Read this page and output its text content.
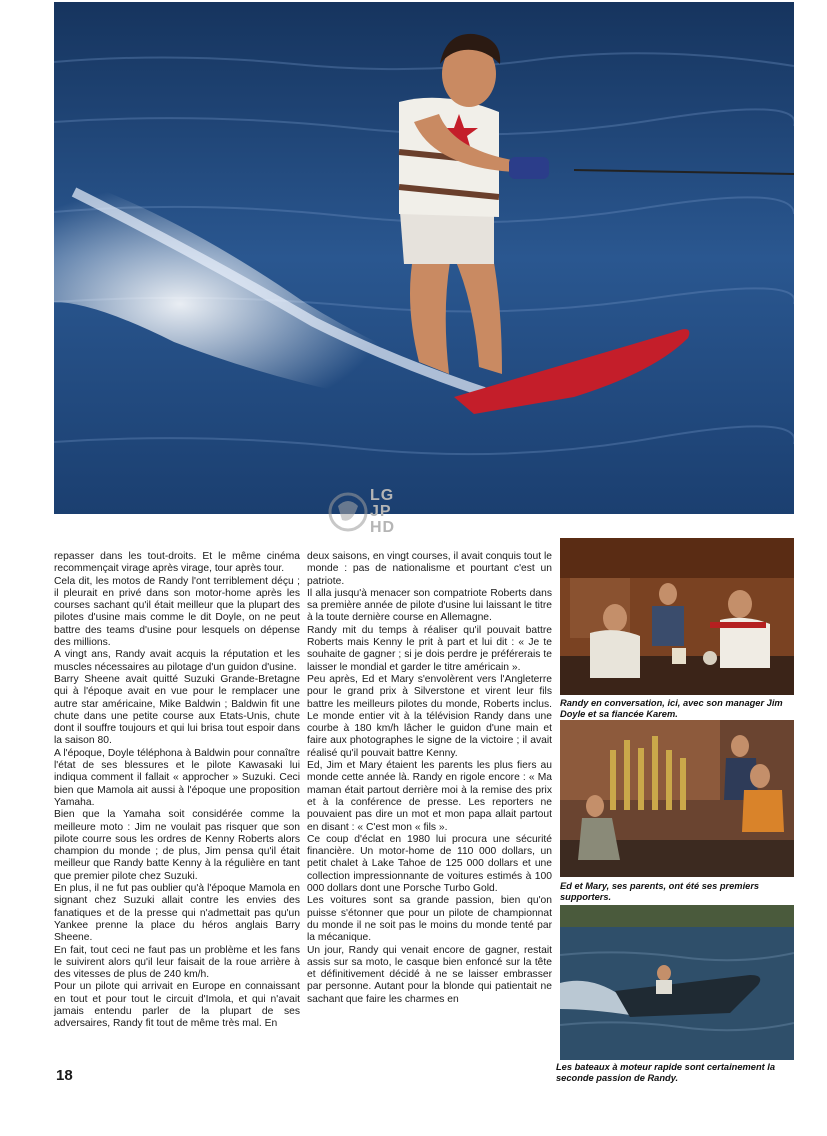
LG JP HD

repasser dans les tout-droits. Et le même cinéma recommençait virage après virage, tour après tour.

Cela dit, les motos de Randy l'ont terriblement déçu ; il pleurait en privé dans son motor-home après les courses sachant qu'il était meilleur que la plupart des pilotes d'usine mais comme le dit Doyle, on ne peut battre des teams d'usine pour lesquels on dépense des millions.

A vingt ans, Randy avait acquis la réputation et les muscles nécessaires au pilotage d'un guidon d'usine.

Barry Sheene avait quitté Suzuki Grande-Bretagne qui à l'époque avait en vue pour le remplacer une autre star américaine, Mike Baldwin ; Baldwin fit une chute dans une petite course aux Etats-Unis, chute dont il souffre toujours et qui lui brisa tout espoir dans la saison 80.

A l'époque, Doyle téléphona à Baldwin pour connaître l'état de ses blessures et le pilote Kawasaki lui indiqua comment il fallait « approcher » Suzuki. Ceci bien que Mamola ait aussi à l'époque une proposition Yamaha.

Bien que la Yamaha soit considérée comme la meilleure moto : Jim ne voulait pas risquer que son pilote courre sous les ordres de Kenny Roberts alors champion du monde ; de plus, Jim pensa qu'il était meilleur que Randy batte Kenny à la régulière en tant que premier pilote chez Suzuki.

En plus, il ne fut pas oublier qu'à l'époque Mamola en signant chez Suzuki allait contre les envies des fanatiques et de la presse qui n'admettait pas qu'un Yankee prenne la place du héros anglais Barry Sheene.

En fait, tout ceci ne faut pas un problème et les fans le suivirent alors qu'il leur faisait de la roue arrière à des vitesses de plus de 240 km/h.

Pour un pilote qui arrivait en Europe en connaissant en tout et pour tout le circuit d'Imola, et qui n'avait jamais entendu parler de la plupart de ses adversaires, Randy fit tout de même très mal. En

deux saisons, en vingt courses, il avait conquis tout le monde : pas de nationalisme et pourtant c'est un patriote.

Il alla jusqu'à menacer son compatriote Roberts dans sa première année de pilote d'usine lui laissant le titre à la toute dernière course en Allemagne.

Randy mit du temps à réaliser qu'il pouvait battre Roberts mais Kenny le prit à part et lui dit : « Je te souhaite de gagner ; si je dois perdre je préférerais te laisser le mondial et garder le titre américain ».

Peu après, Ed et Mary s'envolèrent vers l'Angleterre pour le grand prix à Silverstone et virent leur fils battre les meilleurs pilotes du monde, Roberts inclus. Le monde entier vit à la télévision Randy dans une courbe à 180 km/h lâcher le guidon d'une main et faire aux photographes le signe de la victoire ; il avait réalisé qu'il pouvait battre Kenny.

Ed, Jim et Mary étaient les parents les plus fiers au monde cette année là. Randy en rigole encore : « Ma maman était partout derrière moi à la remise des prix et à la conférence de presse. Les reporters ne pouvaient pas dire un mot et mon papa allait partout en disant : « C'est mon « fils ».

Ce coup d'éclat en 1980 lui procura une sécurité financière. Un motor-home de 110 000 dollars, un petit chalet à Lake Tahoe de 125 000 dollars et une collection impressionnante de voitures estimés à 100 000 dollars dont une Porsche Turbo Gold.

Les voitures sont sa grande passion, bien qu'on puisse s'étonner que pour un pilote de championnat du monde il ne soit pas le moins du monde tenté par la mécanique.

Un jour, Randy qui venait encore de gagner, restait assis sur sa moto, le casque bien enfoncé sur la tête et définitivement décidé à ne se laisser embrasser par personne. Autant pour la blonde qui patientait ne sachant que faire les charmes en

18
Randy en conversation, ici, avec son manager Jim Doyle et sa fiancée Karem.
Ed et Mary, ses parents, ont été ses premiers supporters.
Les bateaux à moteur rapide sont certainement la seconde passion de Randy.
